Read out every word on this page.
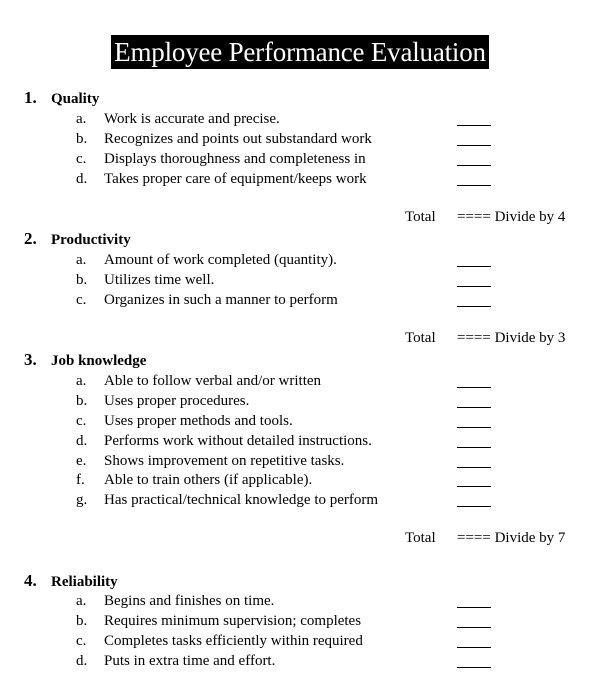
Employee Performance Evaluation
1. Quality
a. Work is accurate and precise.
b. Recognizes and points out substandard work
c. Displays thoroughness and completeness in
d. Takes proper care of equipment/keeps work
Total ==== Divide by 4
2. Productivity
a. Amount of work completed (quantity).
b. Utilizes time well.
c. Organizes in such a manner to perform
Total ==== Divide by 3
3. Job knowledge
a. Able to follow verbal and/or written
b. Uses proper procedures.
c. Uses proper methods and tools.
d. Performs work without detailed instructions.
e. Shows improvement on repetitive tasks.
f. Able to train others (if applicable).
g. Has practical/technical knowledge to perform
Total ==== Divide by 7
4. Reliability
a. Begins and finishes on time.
b. Requires minimum supervision; completes
c. Completes tasks efficiently within required
d. Puts in extra time and effort.
